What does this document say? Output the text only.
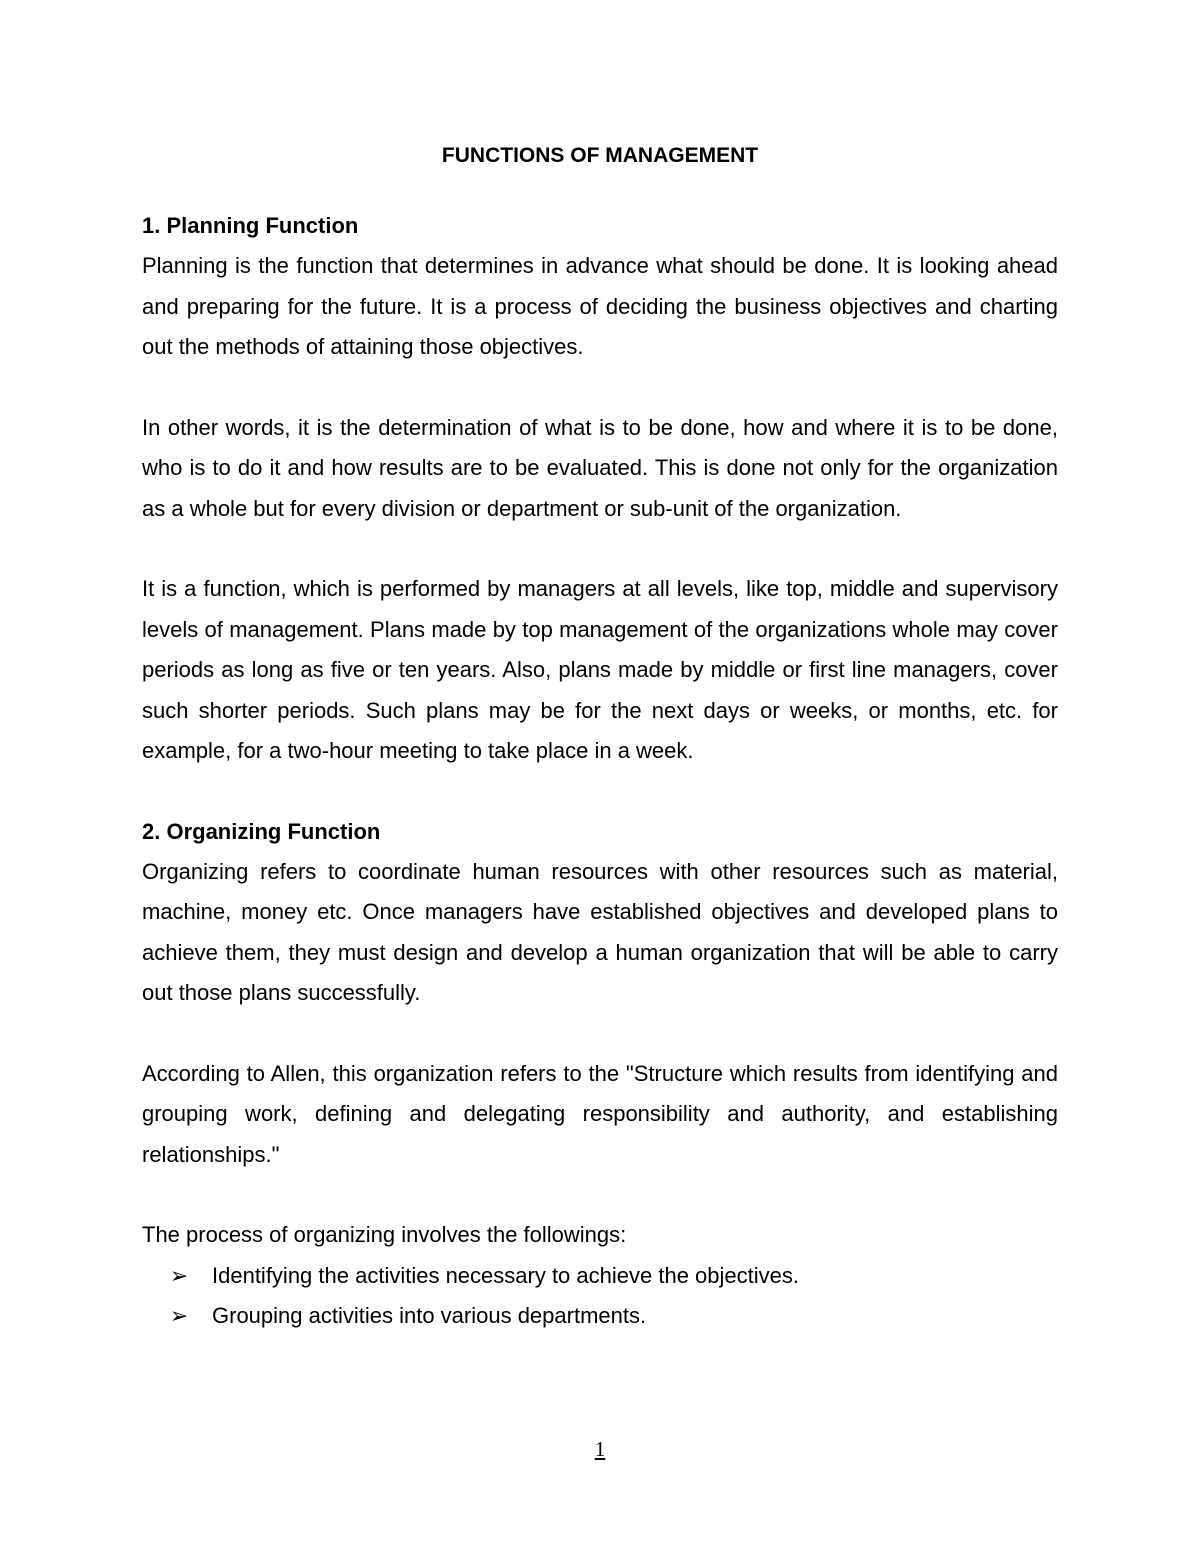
FUNCTIONS OF MANAGEMENT

1. Planning Function

Planning is the function that determines in advance what should be done. It is looking ahead and preparing for the future. It is a process of deciding the business objectives and charting out the methods of attaining those objectives.

In other words, it is the determination of what is to be done, how and where it is to be done, who is to do it and how results are to be evaluated. This is done not only for the organization as a whole but for every division or department or sub-unit of the organization.

It is a function, which is performed by managers at all levels, like top, middle and supervisory levels of management. Plans made by top management of the organizations whole may cover periods as long as five or ten years. Also, plans made by middle or first line managers, cover such shorter periods. Such plans may be for the next days or weeks, or months, etc. for example, for a two-hour meeting to take place in a week.

2. Organizing Function

Organizing refers to coordinate human resources with other resources such as material, machine, money etc. Once managers have established objectives and developed plans to achieve them, they must design and develop a human organization that will be able to carry out those plans successfully.

According to Allen, this organization refers to the "Structure which results from identifying and grouping work, defining and delegating responsibility and authority, and establishing relationships."

The process of organizing involves the followings:

➢	Identifying the activities necessary to achieve the objectives.
➢	Grouping activities into various departments.
1
